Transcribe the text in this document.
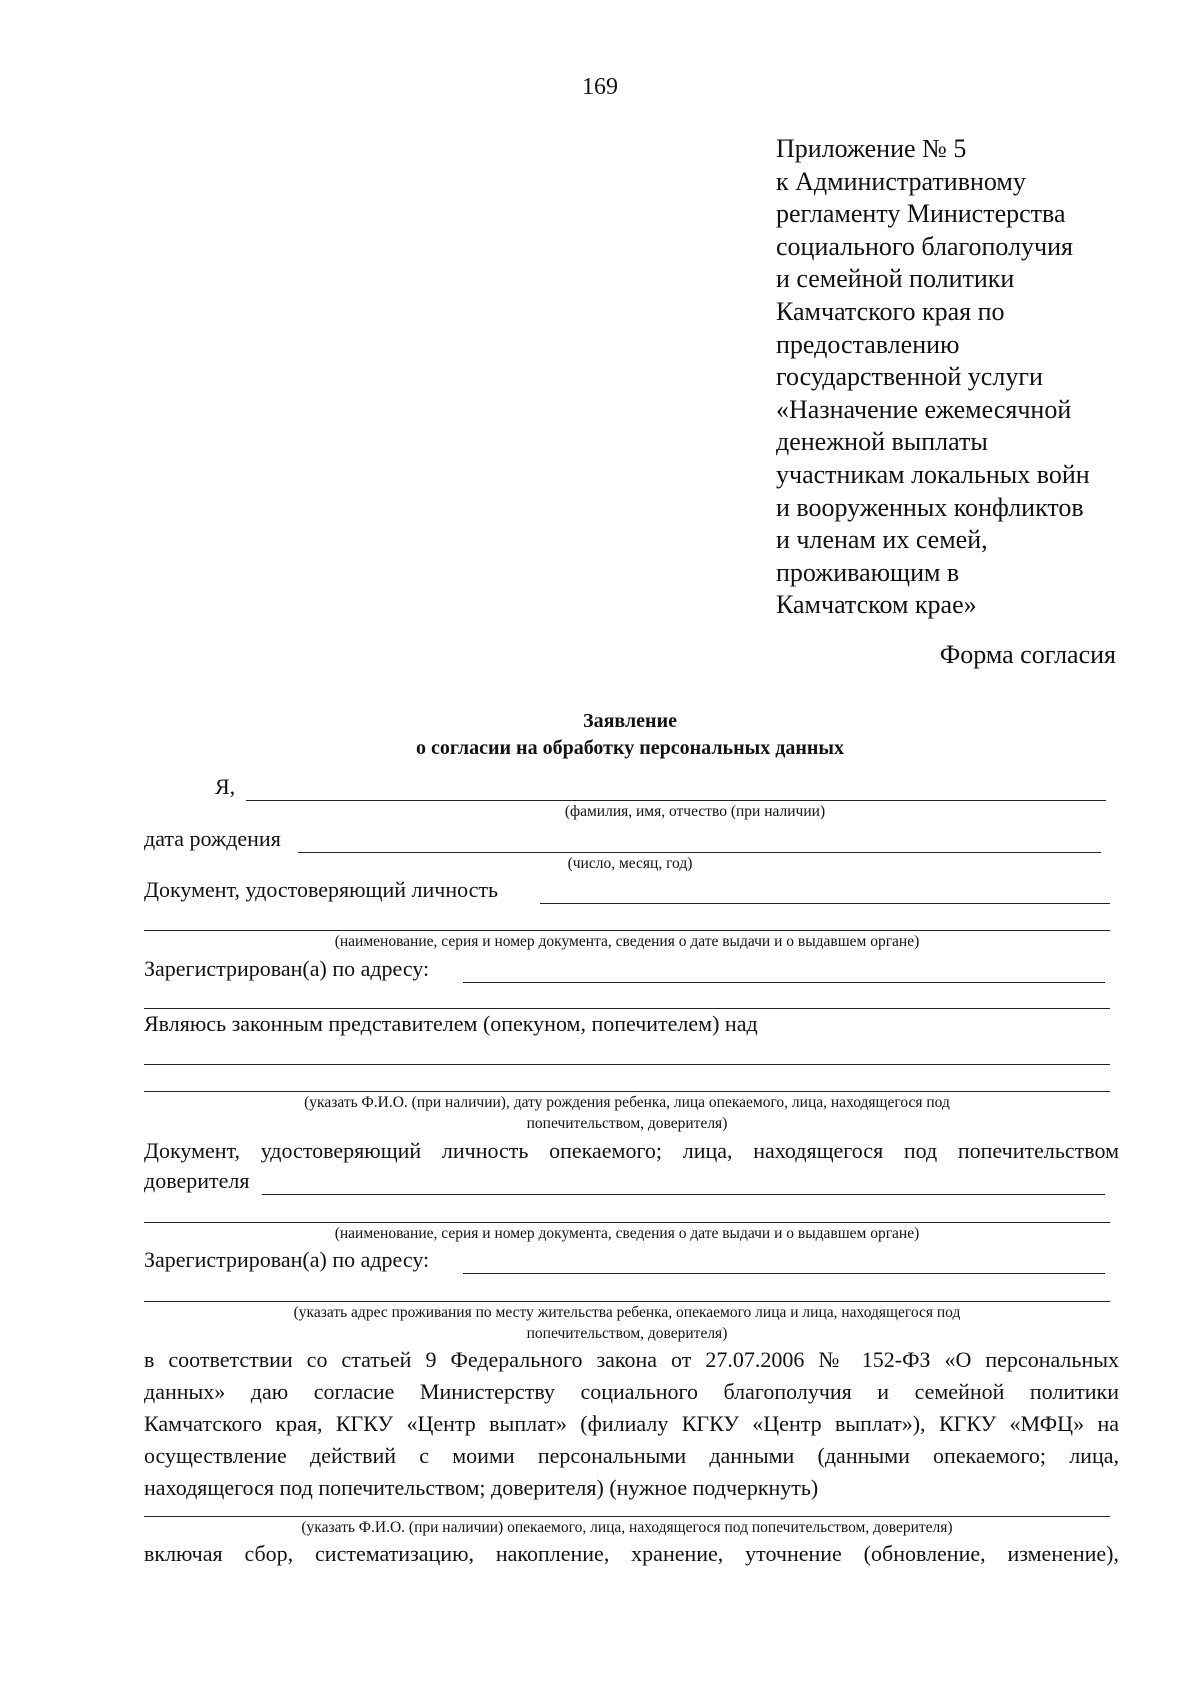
169
Приложение № 5
к Административному
регламенту Министерства
социального благополучия
и семейной политики
Камчатского края по
предоставлению
государственной услуги
«Назначение ежемесячной
денежной выплаты
участникам локальных войн
и вооруженных конфликтов
и членам их семей,
проживающим в
Камчатском крае»
Форма согласия
Заявление
о согласии на обработку персональных данных
Я,
(фамилия, имя, отчество (при наличии)
дата рождения
(число, месяц, год)
Документ, удостоверяющий личность
(наименование, серия и номер документа, сведения о дате выдачи и о выдавшем органе)
Зарегистрирован(а) по адресу:
Являюсь законным представителем (опекуном, попечителем) над
(указать Ф.И.О. (при наличии), дату рождения ребенка, лица опекаемого, лица, находящегося под
попечительством, доверителя)
Документ, удостоверяющий личность опекаемого; лица, находящегося под попечительством
доверителя
(наименование, серия и номер документа, сведения о дате выдачи и о выдавшем органе)
Зарегистрирован(а) по адресу:
(указать адрес проживания по месту жительства ребенка, опекаемого лица и лица, находящегося под
попечительством, доверителя)
в соответствии со статьей 9 Федерального закона от 27.07.2006 № 152-ФЗ «О персональных
данных» даю согласие Министерству социального благополучия и семейной политики
Камчатского края, КГКУ «Центр выплат» (филиалу КГКУ «Центр выплат»), КГКУ «МФЦ» на
осуществление действий с моими персональными данными (данными опекаемого; лица,
находящегося под попечительством; доверителя) (нужное подчеркнуть)
(указать Ф.И.О. (при наличии) опекаемого, лица, находящегося под попечительством, доверителя)
включая сбор, систематизацию, накопление, хранение, уточнение (обновление, изменение),
